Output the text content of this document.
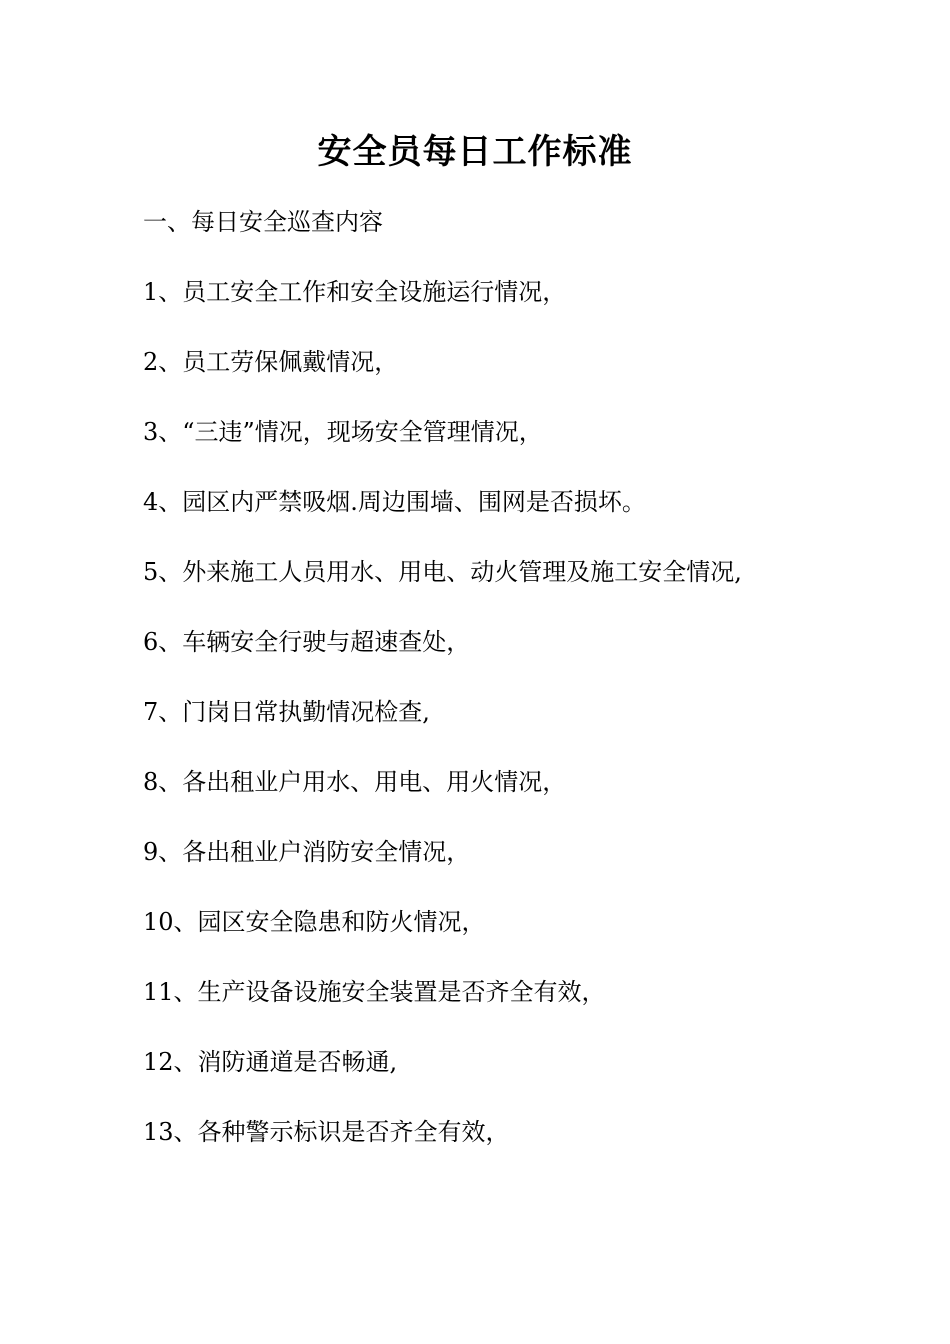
安全员每日工作标准
一、每日安全巡查内容
1、员工安全工作和安全设施运行情况，
2、员工劳保佩戴情况，
3、“三违”情况，现场安全管理情况，
4、园区内严禁吸烟.周边围墙、围网是否损坏。
5、外来施工人员用水、用电、动火管理及施工安全情况,
6、车辆安全行驶与超速查处，
7、门岗日常执勤情况检查,
8、各出租业户用水、用电、用火情况，
9、各出租业户消防安全情况，
10、园区安全隐患和防火情况，
11、生产设备设施安全装置是否齐全有效，
12、消防通道是否畅通,
13、各种警示标识是否齐全有效，
